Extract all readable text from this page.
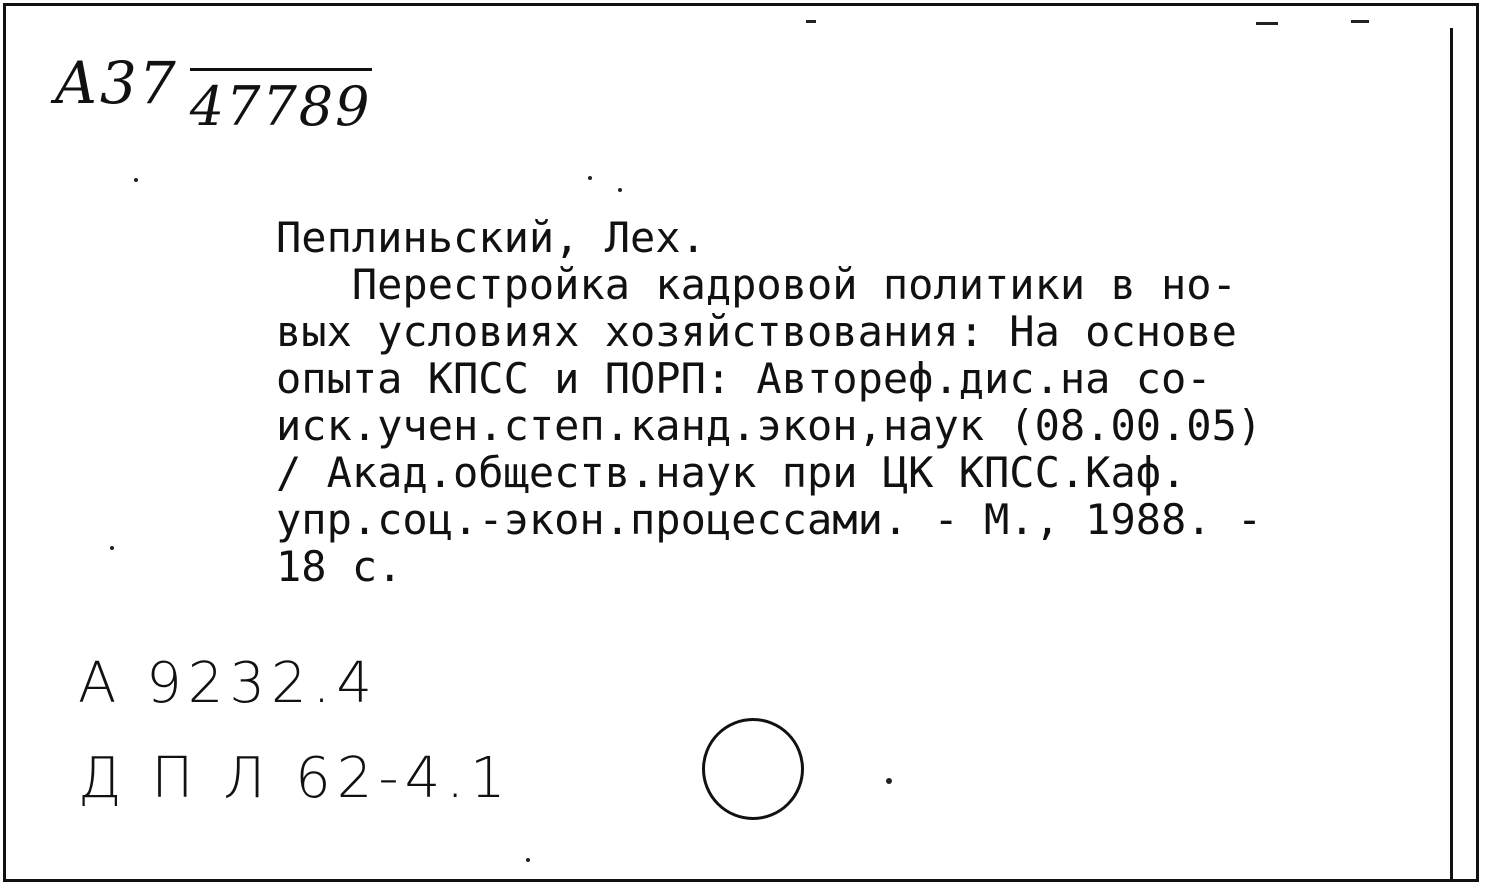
А37 47789
Пеплиньский, Лех.
Перестройка кадровой политики в но-
вых условиях хозяйствования: На основе
опыта КПСС и ПОРП: Автореф.дис.на со-
иск.учен.степ.канд.экон,наук (08.00.05)
/ Акад.обществ.наук при ЦК КПСС.Каф.
упр.соц.-экон.процессами. - М., 1988. -
18 с.
А 9232.4
Д П Л 62-4.1
